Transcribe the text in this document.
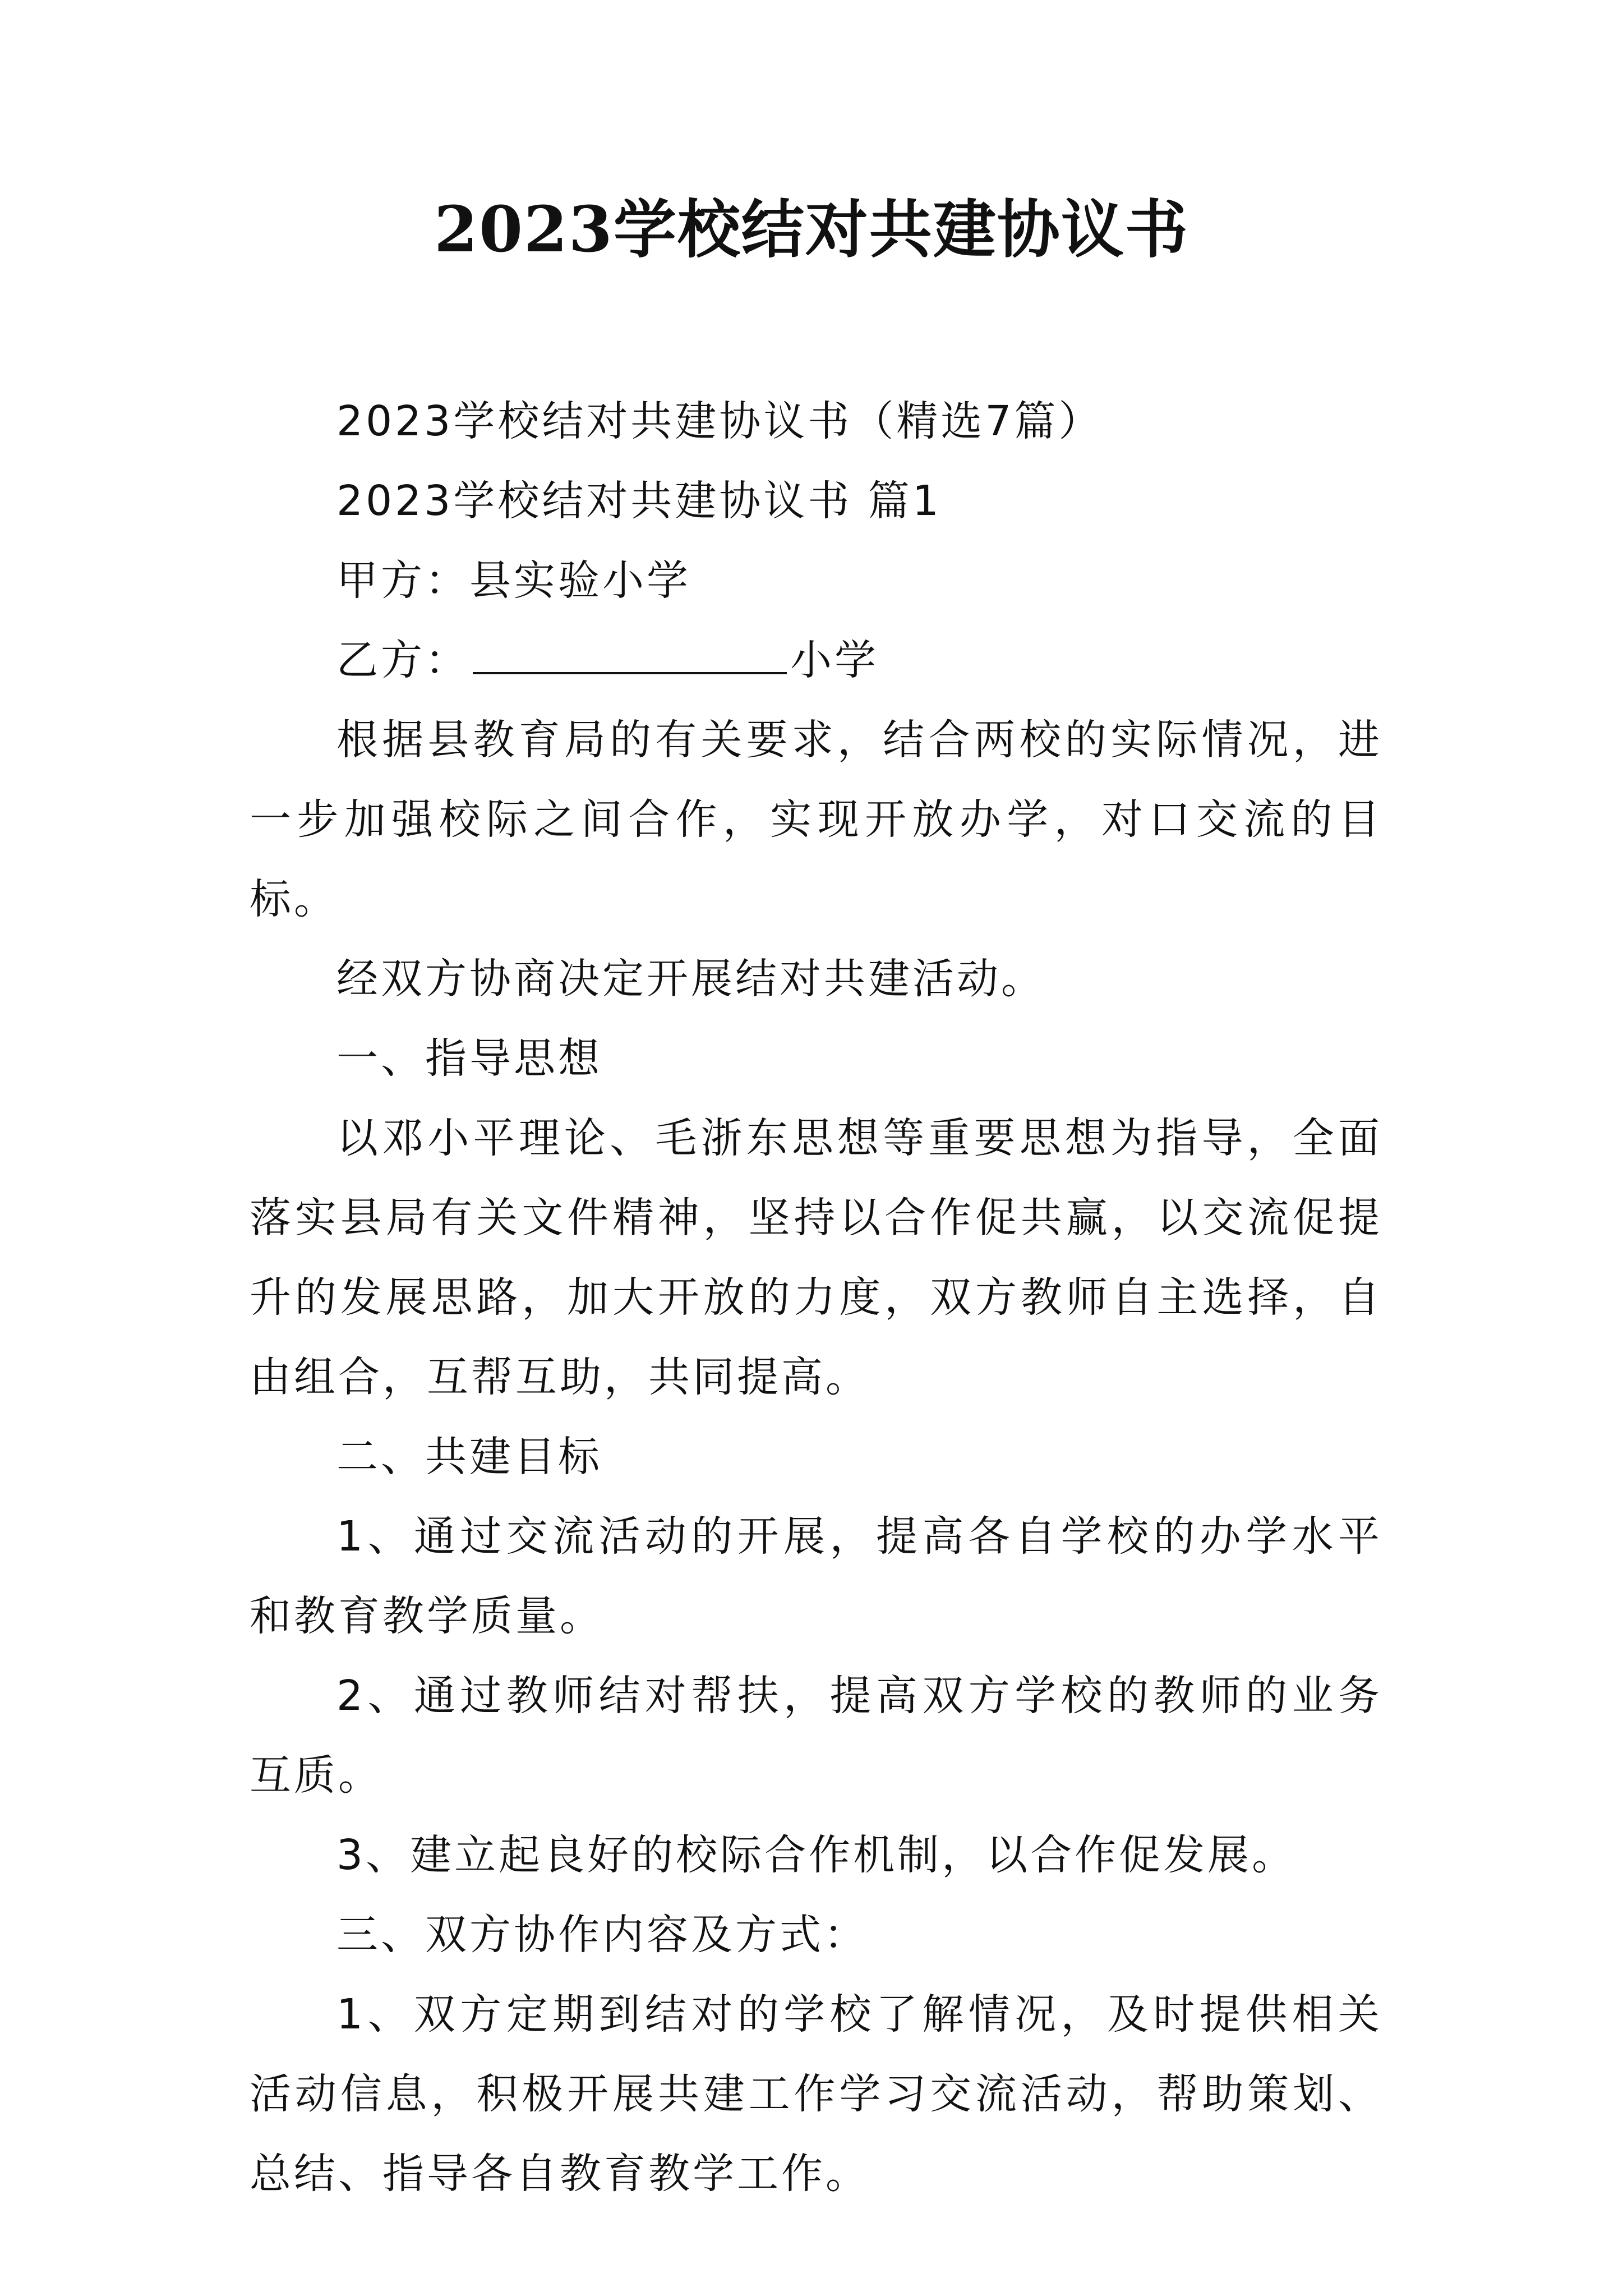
2023学校结对共建协议书

2023学校结对共建协议书（精选7篇）

2023学校结对共建协议书 篇1

甲方：县实验小学

乙方：	小学

根据县教育局的有关要求，结合两校的实际情况，进一步加强校际之间合作，实现开放办学，对口交流的目标。

经双方协商决定开展结对共建活动。

一、指导思想

以邓小平理论、毛浙东思想等重要思想为指导，全面落实县局有关文件精神，坚持以合作促共赢，以交流促提升的发展思路，加大开放的力度，双方教师自主选择，自由组合，互帮互助，共同提高。

二、共建目标

1、通过交流活动的开展，提高各自学校的办学水平和教育教学质量。

2、通过教师结对帮扶，提高双方学校的教师的业务互质。

3、建立起良好的校际合作机制，以合作促发展。

三、双方协作内容及方式：

1、双方定期到结对的学校了解情况，及时提供相关活动信息，积极开展共建工作学习交流活动，帮助策划、总结、指导各自教育教学工作。
